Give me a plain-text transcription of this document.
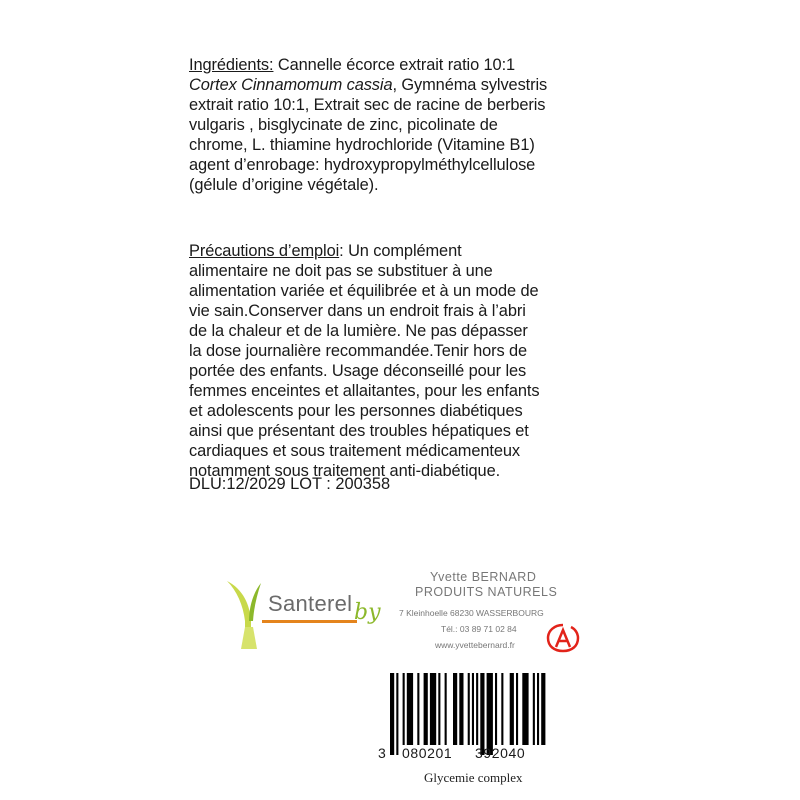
Ingrédients: Cannelle écorce extrait ratio 10:1
Cortex Cinnamomum cassia, Gymnéma sylvestris
extrait ratio 10:1, Extrait sec de racine de berberis
vulgaris , bisglycinate de zinc, picolinate de
chrome, L. thiamine hydrochloride (Vitamine B1)
agent d’enrobage: hydroxypropylméthylcellulose
(gélule d’origine végétale).
Précautions d’emploi: Un complément
alimentaire ne doit pas se substituer à une
alimentation variée et équilibrée et à un mode de
vie sain.Conserver dans un endroit frais à l’abri
de la chaleur et de la lumière. Ne pas dépasser
la dose journalière recommandée.Tenir hors de
portée des enfants. Usage déconseillé pour les
femmes enceintes et allaitantes, pour les enfants
et adolescents pour les personnes diabétiques
ainsi que présentant des troubles hépatiques et
cardiaques et sous traitement médicamenteux
notamment sous traitement anti-diabétique.
DLU:12/2029 LOT : 200358
Santerel by
Yvette BERNARD
PRODUITS NATURELS
7 Kleinhoelle 68230 WASSERBOURG
Tél.: 03 89 71 02 84
www.yvettebernard.fr
3 080201 392040
Glycemie complex
